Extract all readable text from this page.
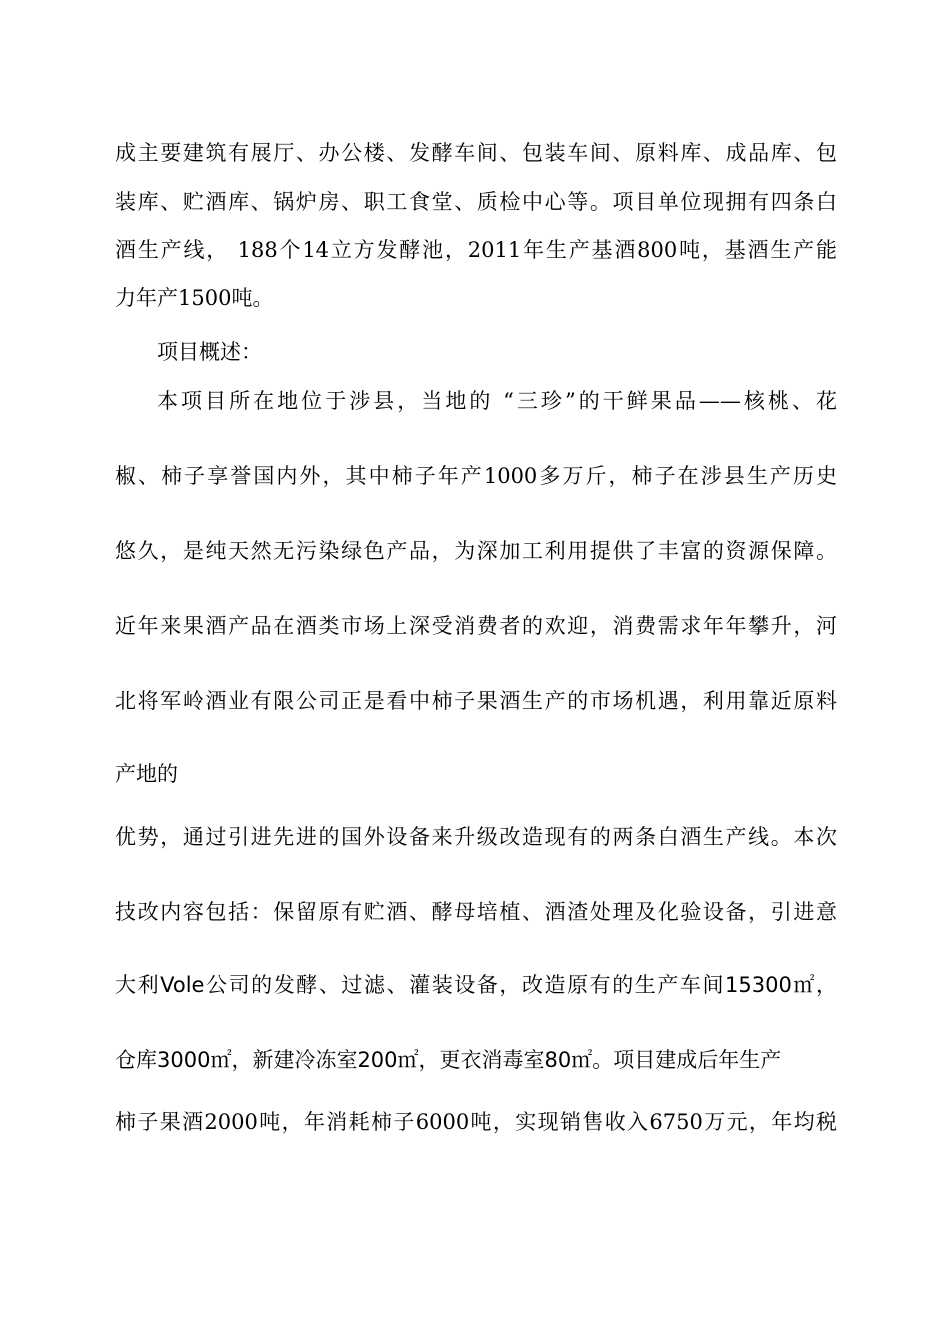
成主要建筑有展厅、办公楼、发酵车间、包装车间、原料库、成品库、包
装库、贮酒库、锅炉房、职工食堂、质检中心等。项目单位现拥有四条白
酒生产线， 188个14立方发酵池，2011年生产基酒800吨，基酒生产能
力年产1500吨。
项目概述：
本项目所在地位于涉县，当地的 “三珍”的干鲜果品——核桃、花
椒、柿子享誉国内外，其中柿子年产1000多万斤，柿子在涉县生产历史
悠久，是纯天然无污染绿色产品，为深加工利用提供了丰富的资源保障。
近年来果酒产品在酒类市场上深受消费者的欢迎，消费需求年年攀升，河
北将军岭酒业有限公司正是看中柿子果酒生产的市场机遇，利用靠近原料
产地的
优势，通过引进先进的国外设备来升级改造现有的两条白酒生产线。本次
技改内容包括：保留原有贮酒、酵母培植、酒渣处理及化验设备，引进意
大利Vole公司的发酵、过滤、灌装设备，改造原有的生产车间15300㎡，
仓库3000㎡，新建冷冻室200㎡，更衣消毒室80㎡。项目建成后年生产
柿子果酒2000吨，年消耗柿子6000吨，实现销售收入6750万元，年均税
